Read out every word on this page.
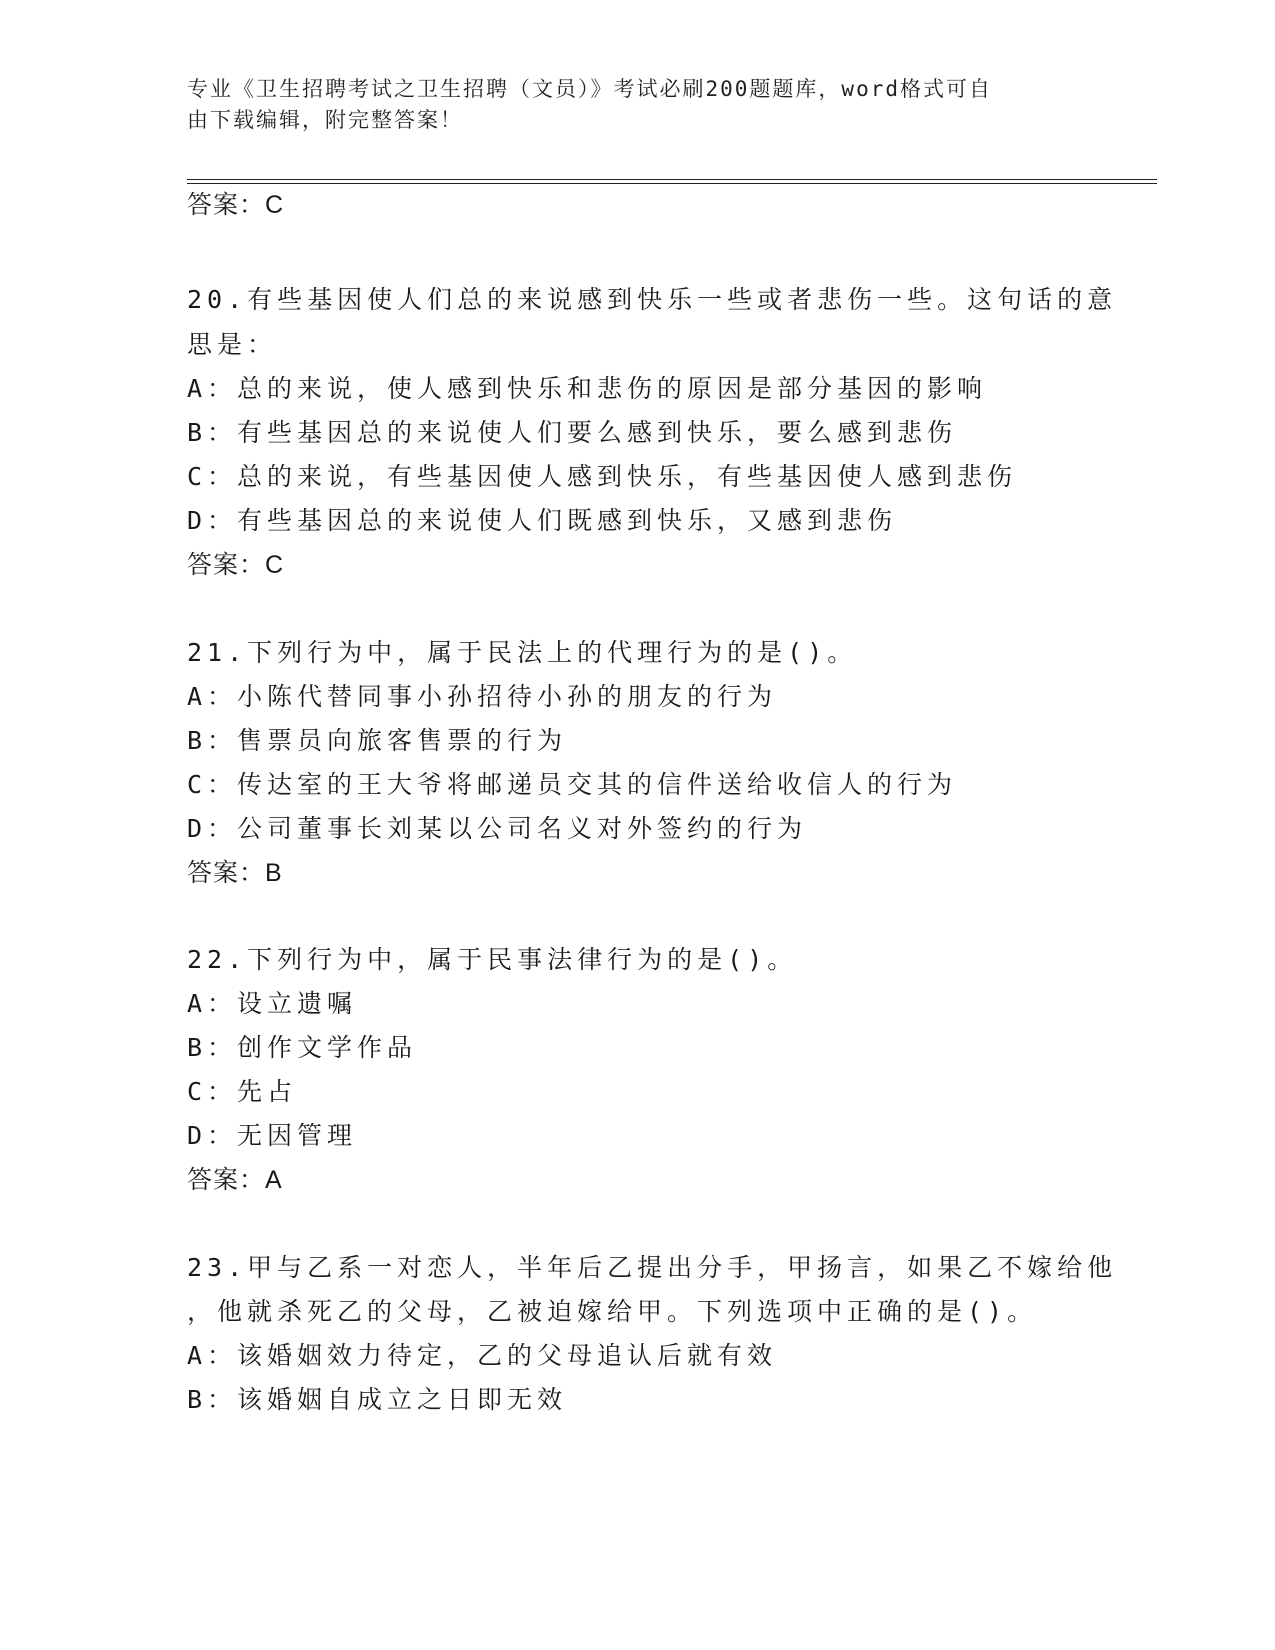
专业《卫生招聘考试之卫生招聘（文员）》考试必刷200题题库，word格式可自
由下载编辑，附完整答案！
答案：C
20.有些基因使人们总的来说感到快乐一些或者悲伤一些。这句话的意
思是：
A：总的来说，使人感到快乐和悲伤的原因是部分基因的影响
B：有些基因总的来说使人们要么感到快乐，要么感到悲伤
C：总的来说，有些基因使人感到快乐，有些基因使人感到悲伤
D：有些基因总的来说使人们既感到快乐，又感到悲伤
答案：C
21.下列行为中，属于民法上的代理行为的是()。
A：小陈代替同事小孙招待小孙的朋友的行为
B：售票员向旅客售票的行为
C：传达室的王大爷将邮递员交其的信件送给收信人的行为
D：公司董事长刘某以公司名义对外签约的行为
答案：B
22.下列行为中，属于民事法律行为的是()。
A：设立遗嘱
B：创作文学作品
C：先占
D：无因管理
答案：A
23.甲与乙系一对恋人，半年后乙提出分手，甲扬言，如果乙不嫁给他
，他就杀死乙的父母，乙被迫嫁给甲。下列选项中正确的是()。
A：该婚姻效力待定，乙的父母追认后就有效
B：该婚姻自成立之日即无效
